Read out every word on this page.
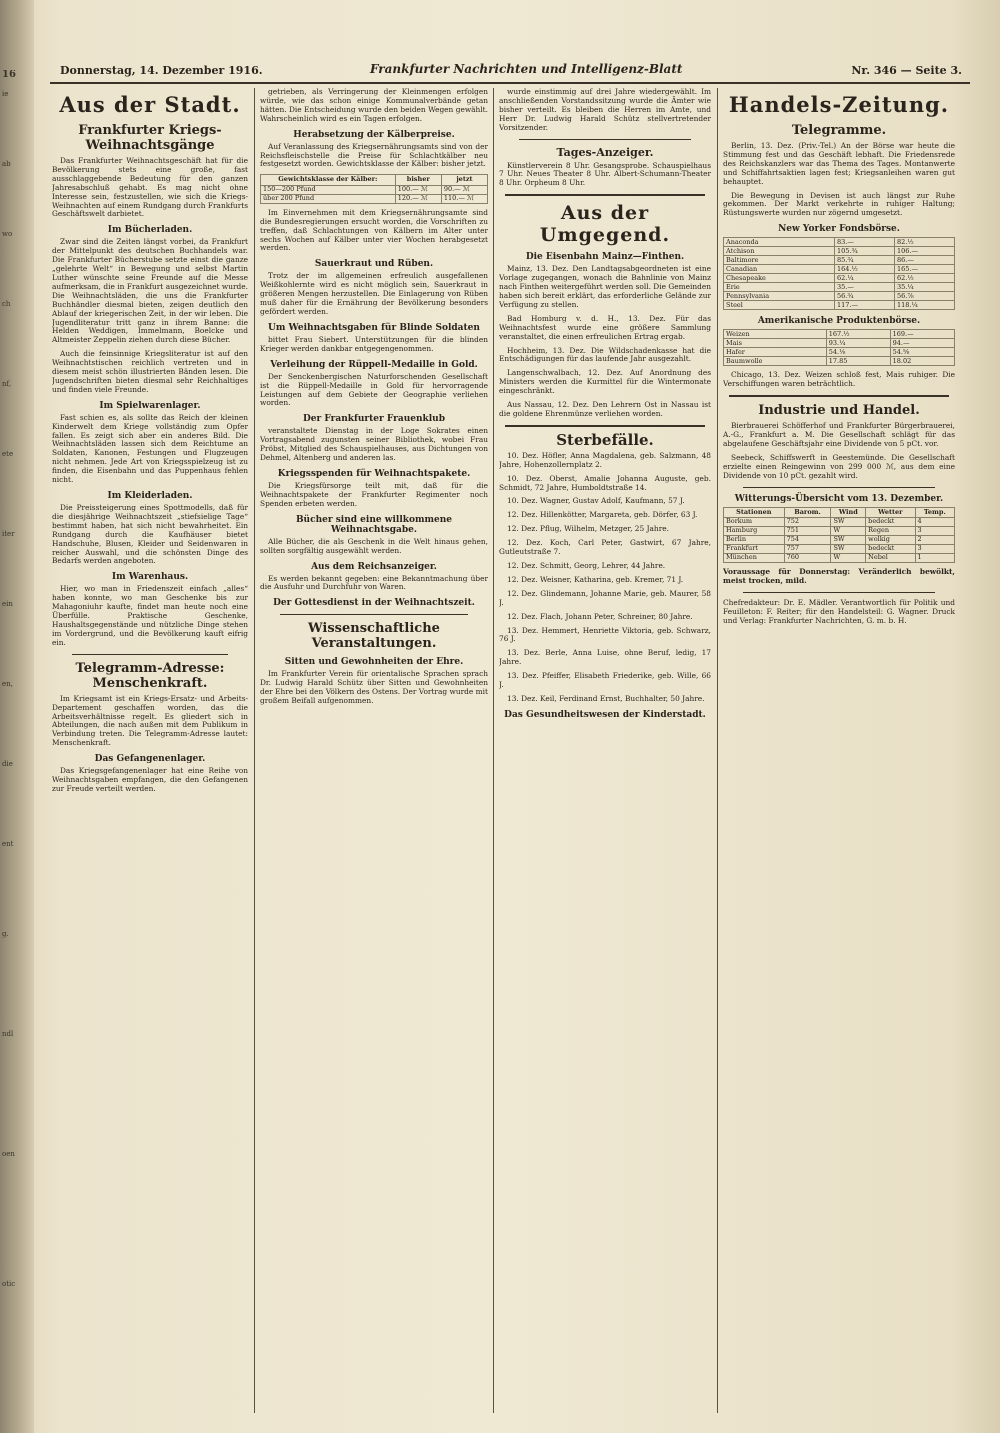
16
ie
ab
wo
ch
nf,
ete
iter
ein
en,
die
ent
g.
ndl
oen
otic
Donnerstag, 14. Dezember 1916.	Frankfurter Nachrichten und Intelligenz-Blatt	Nr. 346 — Seite 3.
Aus der Stadt.
Frankfurter Kriegs-Weihnachtsgänge

Das Frankfurter Weihnachtsgeschäft hat für die Bevölkerung stets eine große, fast ausschlaggebende Bedeutung für den ganzen Jahresabschluß gehabt. Es mag nicht ohne Interesse sein, festzustellen, wie sich die Kriegs-Weihnachten auf einem Rundgang durch Frankfurts Geschäftswelt darbietet.

Im Bücherladen.

Zwar sind die Zeiten längst vorbei, da Frankfurt der Mittelpunkt des deutschen Buchhandels war. Die Frankfurter Bücherstube setzte einst die ganze „gelehrte Welt“ in Bewegung und selbst Martin Luther wünschte seine Freunde auf die Messe aufmerksam, die in Frankfurt ausgezeichnet wurde. Die Weihnachtsläden, die uns die Frankfurter Buchhändler diesmal bieten, zeigen deutlich den Ablauf der kriegerischen Zeit, in der wir leben. Die Jugendliteratur tritt ganz in ihrem Banne: die Helden Weddigen, Immelmann, Boelcke und Altmeister Zeppelin ziehen durch diese Bücher.

Auch die feinsinnige Kriegsliteratur ist auf den Weihnachtstischen reichlich vertreten und in diesem meist schön illustrierten Bänden lesen. Die Jugendschriften bieten diesmal sehr Reichhaltiges und finden viele Freunde.

Im Spielwarenlager.

Fast schien es, als sollte das Reich der kleinen Kinderwelt dem Kriege vollständig zum Opfer fallen. Es zeigt sich aber ein anderes Bild. Die Weihnachtsläden lassen sich dem Reichtume an Soldaten, Kanonen, Festungen und Flugzeugen nicht nehmen. Jede Art von Kriegsspielzeug ist zu finden, die Eisenbahn und das Puppenhaus fehlen nicht.

Im Kleiderladen.

Die Preissteigerung eines Spottmodells, daß für die diesjährige Weihnachtszeit „stiefsielige Tage“ bestimmt haben, hat sich nicht bewahrheitet. Ein Rundgang durch die Kaufhäuser bietet Handschuhe, Blusen, Kleider und Seidenwaren in reicher Auswahl, und die schönsten Dinge des Bedarfs werden angeboten.

Im Warenhaus.

Hier, wo man in Friedenszeit einfach „alles“ haben konnte, wo man Geschenke bis zur Mahagoniuhr kaufte, findet man heute noch eine Überfülle. Praktische Geschenke, Haushaltsgegenstände und nützliche Dinge stehen im Vordergrund, und die Bevölkerung kauft eifrig ein.

Telegramm-Adresse: Menschenkraft.

Im Kriegsamt ist ein Kriegs-Ersatz- und Arbeits-Departement geschaffen worden, das die Arbeitsverhältnisse regelt. Es gliedert sich in Abteilungen, die nach außen mit dem Publikum in Verbindung treten. Die Telegramm-Adresse lautet: Menschenkraft.

Das Gefangenenlager.

Das Kriegsgefangenenlager hat eine Reihe von Weihnachtsgaben empfangen, die den Gefangenen zur Freude verteilt werden.

getrieben, als Verringerung der Kleinmengen erfolgen würde, wie das schon einige Kommunalverbände getan hätten. Die Entscheidung wurde den beiden Wegen gewählt. Wahrscheinlich wird es ein Tagen erfolgen.

Herabsetzung der Kälberpreise.

Auf Veranlassung des Kriegsernährungsamts sind von der Reichsfleischstelle die Preise für Schlachtkälber neu festgesetzt worden. Gewichtsklasse der Kälber: bisher jetzt.

Gewichtsklasse der Kälber:	bisher	jetzt
150—200 Pfund	100.— ℳ	90.— ℳ
über 200 Pfund	120.— ℳ	110.— ℳ

Im Einvernehmen mit dem Kriegsernährungsamte sind die Bundesregierungen ersucht worden, die Vorschriften zu treffen, daß Schlachtungen von Kälbern im Alter unter sechs Wochen auf Kälber unter vier Wochen herabgesetzt werden.

Sauerkraut und Rüben.

Trotz der im allgemeinen erfreulich ausgefallenen Weißkohlernte wird es nicht möglich sein, Sauerkraut in größeren Mengen herzustellen. Die Einlagerung von Rüben muß daher für die Ernährung der Bevölkerung besonders gefördert werden.

Um Weihnachtsgaben für Blinde Soldaten

bittet Frau Siebert. Unterstützungen für die blinden Krieger werden dankbar entgegengenommen.

Verleihung der Rüppell-Medaille in Gold.

Der Senckenbergischen Naturforschenden Gesellschaft ist die Rüppell-Medaille in Gold für hervorragende Leistungen auf dem Gebiete der Geographie verliehen worden.

Der Frankfurter Frauenklub

veranstaltete Dienstag in der Loge Sokrates einen Vortragsabend zugunsten seiner Bibliothek, wobei Frau Pröbst, Mitglied des Schauspielhauses, aus Dichtungen von Dehmel, Altenberg und anderen las.

Kriegsspenden für Weihnachtspakete.

Die Kriegsfürsorge teilt mit, daß für die Weihnachtspakete der Frankfurter Regimenter noch Spenden erbeten werden.

Bücher sind eine willkommene Weihnachtsgabe.

Alle Bücher, die als Geschenk in die Welt hinaus gehen, sollten sorgfältig ausgewählt werden.

Aus dem Reichsanzeiger.

Es werden bekannt gegeben: eine Bekanntmachung über die Ausfuhr und Durchfuhr von Waren.

Der Gottesdienst in der Weihnachtszeit.
Wissenschaftliche Veranstaltungen.
Sitten und Gewohnheiten der Ehre.

Im Frankfurter Verein für orientalische Sprachen sprach Dr. Ludwig Harald Schütz über Sitten und Gewohnheiten der Ehre bei den Völkern des Ostens. Der Vortrag wurde mit großem Beifall aufgenommen.

wurde einstimmig auf drei Jahre wiedergewählt. Im anschließenden Vorstandssitzung wurde die Ämter wie bisher verteilt. Es bleiben die Herren im Amte, und Herr Dr. Ludwig Harald Schütz stellvertretender Vorsitzender.

Tages-Anzeiger.

Künstlerverein 8 Uhr. Gesangsprobe. Schauspielhaus 7 Uhr. Neues Theater 8 Uhr. Albert-Schumann-Theater 8 Uhr. Orpheum 8 Uhr.

Aus der Umgegend.
Die Eisenbahn Mainz—Finthen.

Mainz, 13. Dez. Den Landtagsabgeordneten ist eine Vorlage zugegangen, wonach die Bahnlinie von Mainz nach Finthen weitergeführt werden soll. Die Gemeinden haben sich bereit erklärt, das erforderliche Gelände zur Verfügung zu stellen.

Bad Homburg v. d. H., 13. Dez. Für das Weihnachtsfest wurde eine größere Sammlung veranstaltet, die einen erfreulichen Ertrag ergab.

Hochheim, 13. Dez. Die Wildschadenkasse hat die Entschädigungen für das laufende Jahr ausgezahlt.

Langenschwalbach, 12. Dez. Auf Anordnung des Ministers werden die Kurmittel für die Wintermonate eingeschränkt.

Aus Nassau, 12. Dez. Den Lehrern Ost in Nassau ist die goldene Ehrenmünze verliehen worden.

Sterbefälle.

10. Dez. Höfler, Anna Magdalena, geb. Salzmann, 48 Jahre, Hohenzollernplatz 2.

10. Dez. Oberst, Amalie Johanna Auguste, geb. Schmidt, 72 Jahre, Humboldtstraße 14.

10. Dez. Wagner, Gustav Adolf, Kaufmann, 57 J.

12. Dez. Hillenkötter, Margareta, geb. Dörfer, 63 J.

12. Dez. Pflug, Wilhelm, Metzger, 25 Jahre.

12. Dez. Koch, Carl Peter, Gastwirt, 67 Jahre, Gutleutstraße 7.

12. Dez. Schmitt, Georg, Lehrer, 44 Jahre.

12. Dez. Weisner, Katharina, geb. Kremer, 71 J.

12. Dez. Glindemann, Johanne Marie, geb. Maurer, 58 J.

12. Dez. Flach, Johann Peter, Schreiner, 80 Jahre.

13. Dez. Hemmert, Henriette Viktoria, geb. Schwarz, 76 J.

13. Dez. Berle, Anna Luise, ohne Beruf, ledig, 17 Jahre.

13. Dez. Pfeiffer, Elisabeth Friederike, geb. Wille, 66 J.

13. Dez. Keil, Ferdinand Ernst, Buchhalter, 50 Jahre.

Das Gesundheitswesen der Kinderstadt.
Handels-Zeitung.
Telegramme.

Berlin, 13. Dez. (Priv.-Tel.) An der Börse war heute die Stimmung fest und das Geschäft lebhaft. Die Friedensrede des Reichskanzlers war das Thema des Tages. Montanwerte und Schiffahrtsaktien lagen fest; Kriegsanleihen waren gut behauptet.

Die Bewegung in Devisen ist auch längst zur Ruhe gekommen. Der Markt verkehrte in ruhiger Haltung; Rüstungswerte wurden nur zögernd umgesetzt.

New Yorker Fondsbörse.
Anaconda	83.—	82.½
Atchison	105.¾	106.—
Baltimore	85.¾	86.—
Canadian	164.½	165.—
Chesapeake	62.¼	62.½
Erie	35.—	35.¼
Pennsylvania	56.¾	56.⅞
Steel	117.—	118.¼
Amerikanische Produktenbörse.
Weizen	167.½	169.—
Mais	93.¼	94.—
Hafer	54.⅛	54.⅝
Baumwolle	17.85	18.02

Chicago, 13. Dez. Weizen schloß fest, Mais ruhiger. Die Verschiffungen waren beträchtlich.

Industrie und Handel.

Bierbrauerei Schöfferhof und Frankfurter Bürgerbrauerei, A.-G., Frankfurt a. M. Die Gesellschaft schlägt für das abgelaufene Geschäftsjahr eine Dividende von 5 pCt. vor.

Seebeck, Schiffswerft in Geestemünde. Die Gesellschaft erzielte einen Reingewinn von 299 000 ℳ, aus dem eine Dividende von 10 pCt. gezahlt wird.

Witterungs-Übersicht vom 13. Dezember.
Stationen	Barom.	Wind	Wetter	Temp.
Borkum	752	SW	bedeckt	4
Hamburg	751	W	Regen	3
Berlin	754	SW	wolkig	2
Frankfurt	757	SW	bedeckt	3
München	760	W	Nebel	1

Voraussage für Donnerstag: Veränderlich bewölkt, meist trocken, mild.

Chefredakteur: Dr. E. Mädler. Verantwortlich für Politik und Feuilleton: F. Reiter; für den Handelsteil: G. Wagner. Druck und Verlag: Frankfurter Nachrichten, G. m. b. H.
